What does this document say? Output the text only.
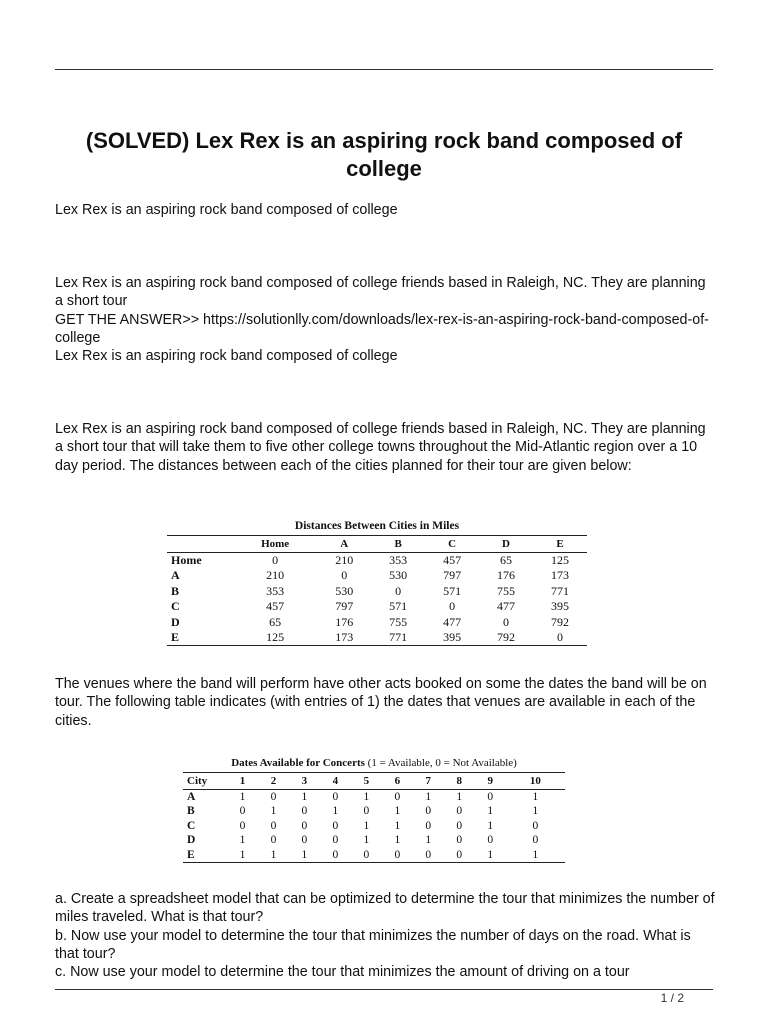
(SOLVED) Lex Rex is an aspiring rock band composed of college
Lex Rex is an aspiring rock band composed of college
Lex Rex is an aspiring rock band composed of college friends based in Raleigh, NC. They are planning a short tour
GET THE ANSWER>> https://solutionlly.com/downloads/lex-rex-is-an-aspiring-rock-band-composed-of-college
Lex Rex is an aspiring rock band composed of college
Lex Rex is an aspiring rock band composed of college friends based in Raleigh, NC. They are planning a short tour that will take them to five other college towns throughout the Mid-Atlantic region over a 10 day period. The distances between each of the cities planned for their tour are given below:
Distances Between Cities in Miles
	Home	A	B	C	D	E
Home	0	210	353	457	65	125
A	210	0	530	797	176	173
B	353	530	0	571	755	771
C	457	797	571	0	477	395
D	65	176	755	477	0	792
E	125	173	771	395	792	0
The venues where the band will perform have other acts booked on some the dates the band will be on tour. The following table indicates (with entries of 1) the dates that venues are available in each of the cities.
Dates Available for Concerts (1 = Available, 0 = Not Available)
City	1	2	3	4	5	6	7	8	9	10
A	1	0	1	0	1	0	1	1	0	1
B	0	1	0	1	0	1	0	0	1	1
C	0	0	0	0	1	1	0	0	1	0
D	1	0	0	0	1	1	1	0	0	0
E	1	1	1	0	0	0	0	0	1	1
a. Create a spreadsheet model that can be optimized to determine the tour that minimizes the number of miles traveled. What is that tour?
b. Now use your model to determine the tour that minimizes the number of days on the road. What is that tour?
c. Now use your model to determine the tour that minimizes the amount of driving on a tour
1 / 2
